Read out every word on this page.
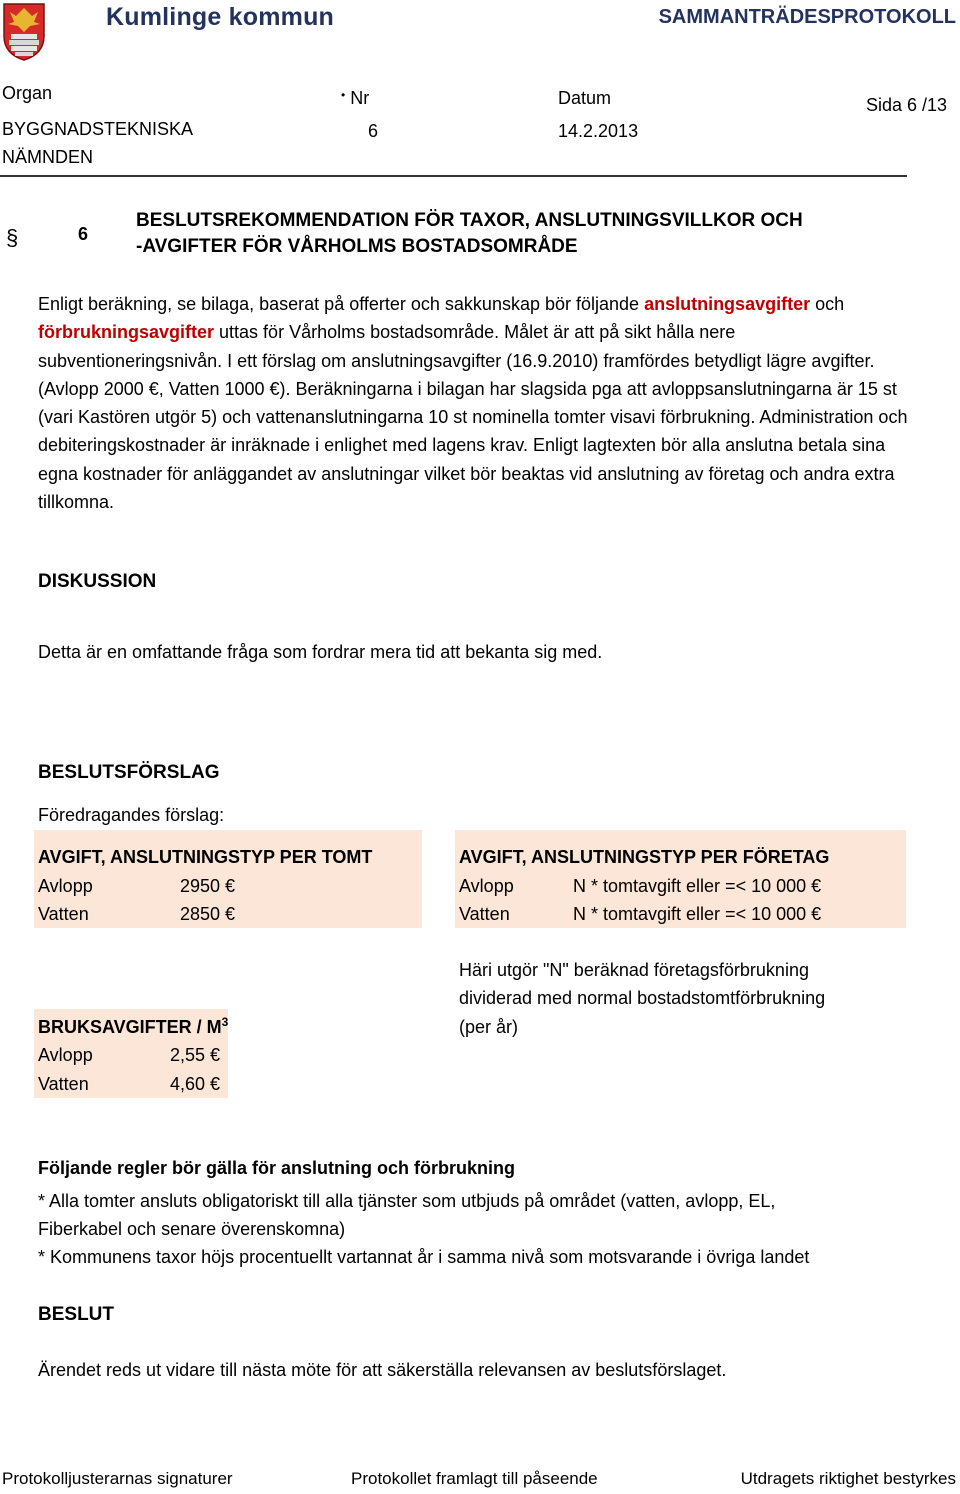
Kumlinge kommun	SAMMANTRÄDESPROTOKOLL
Organ
BYGGNADSTEKNISKA
NÄMNDEN
• Nr
6
Datum
14.2.2013
Sida 6 /13
§	6
BESLUTSREKOMMENDATION FÖR TAXOR, ANSLUTNINGSVILLKOR OCH
-AVGIFTER FÖR VÅRHOLMS BOSTADSOMRÅDE
Enligt beräkning, se bilaga, baserat på offerter och sakkunskap bör följande anslutningsavgifter och förbrukningsavgifter uttas för Vårholms bostadsområde. Målet är att på sikt hålla nere subventioneringsnivån. I ett förslag om anslutningsavgifter (16.9.2010) framfördes betydligt lägre avgifter. (Avlopp 2000 €, Vatten 1000 €). Beräkningarna i bilagan har slagsida pga att avloppsanslutningarna är 15 st (vari Kastören utgör 5) och vattenanslutningarna 10 st nominella tomter visavi förbrukning. Administration och debiteringskostnader är inräknade i enlighet med lagens krav. Enligt lagtexten bör alla anslutna betala sina egna kostnader för anläggandet av anslutningar vilket bör beaktas vid anslutning av företag och andra extra tillkomna.
DISKUSSION
Detta är en omfattande fråga som fordrar mera tid att bekanta sig med.
BESLUTSFÖRSLAG
Föredragandes förslag:
AVGIFT, ANSLUTNINGSTYP PER TOMT
Avlopp	2950 €
Vatten	2850 €
AVGIFT, ANSLUTNINGSTYP PER FÖRETAG
Avlopp	N * tomtavgift eller =< 10 000 €
Vatten	N * tomtavgift eller =< 10 000 €
Häri utgör "N" beräknad företagsförbrukning
dividerad med normal bostadstomtförbrukning
(per år)
BRUKSAVGIFTER / $M^3$
Avlopp	2,55 €
Vatten	4,60 €
Följande regler bör gälla för anslutning och förbrukning
* Alla tomter ansluts obligatoriskt till alla tjänster som utbjuds på området (vatten, avlopp, EL,
Fiberkabel och senare överenskomna)
* Kommunens taxor höjs procentuellt vartannat år i samma nivå som motsvarande i övriga landet
BESLUT
Ärendet reds ut vidare till nästa möte för att säkerställa relevansen av beslutsförslaget.
Protokolljusterarnas signaturer	Protokollet framlagt till påseende	Utdragets riktighet bestyrkes
